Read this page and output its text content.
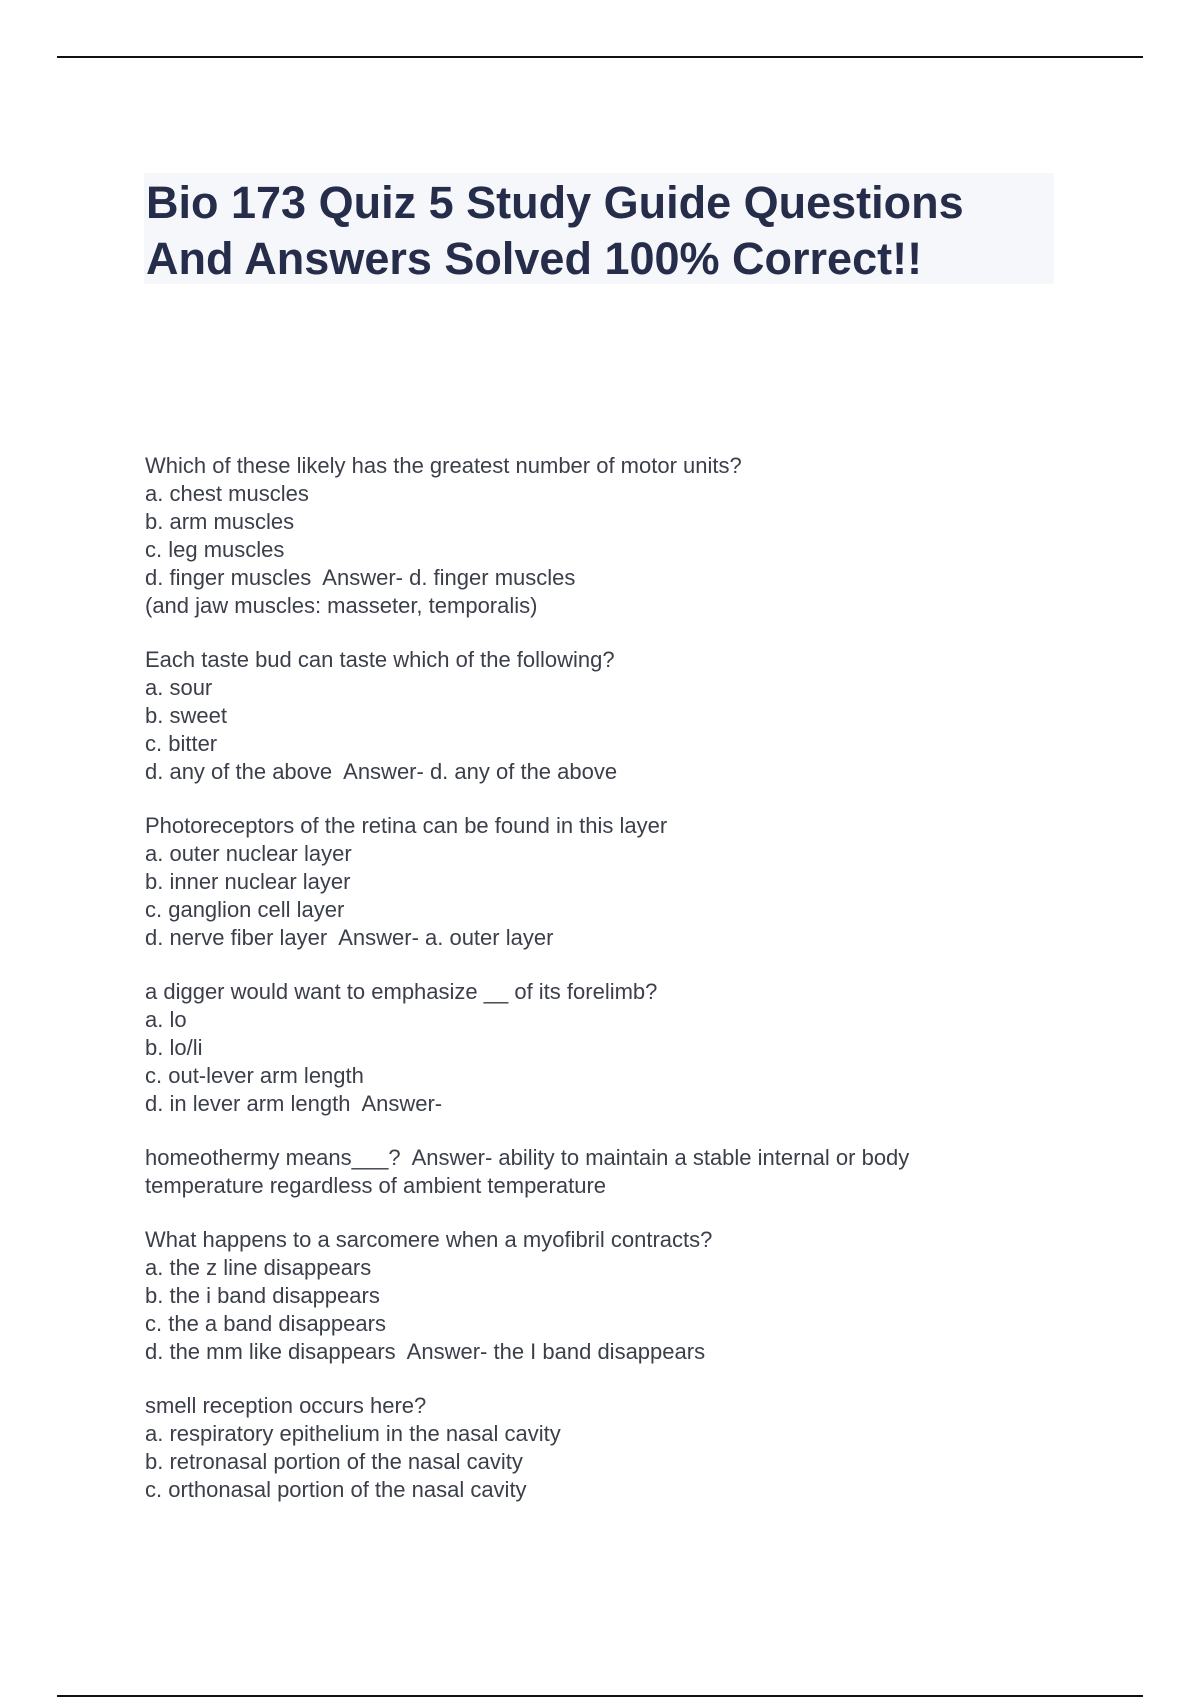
Bio 173 Quiz 5 Study Guide Questions
And Answers Solved 100% Correct!!
Which of these likely has the greatest number of motor units?
a. chest muscles
b. arm muscles
c. leg muscles
d. finger muscles  Answer- d. finger muscles
(and jaw muscles: masseter, temporalis)
Each taste bud can taste which of the following?
a. sour
b. sweet
c. bitter
d. any of the above  Answer- d. any of the above
Photoreceptors of the retina can be found in this layer
a. outer nuclear layer
b. inner nuclear layer
c. ganglion cell layer
d. nerve fiber layer  Answer- a. outer layer
a digger would want to emphasize __ of its forelimb?
a. lo
b. lo/li
c. out-lever arm length
d. in lever arm length  Answer-
homeothermy means___?  Answer- ability to maintain a stable internal or body
temperature regardless of ambient temperature
What happens to a sarcomere when a myofibril contracts?
a. the z line disappears
b. the i band disappears
c. the a band disappears
d. the mm like disappears  Answer- the I band disappears
smell reception occurs here?
a. respiratory epithelium in the nasal cavity
b. retronasal portion of the nasal cavity
c. orthonasal portion of the nasal cavity
